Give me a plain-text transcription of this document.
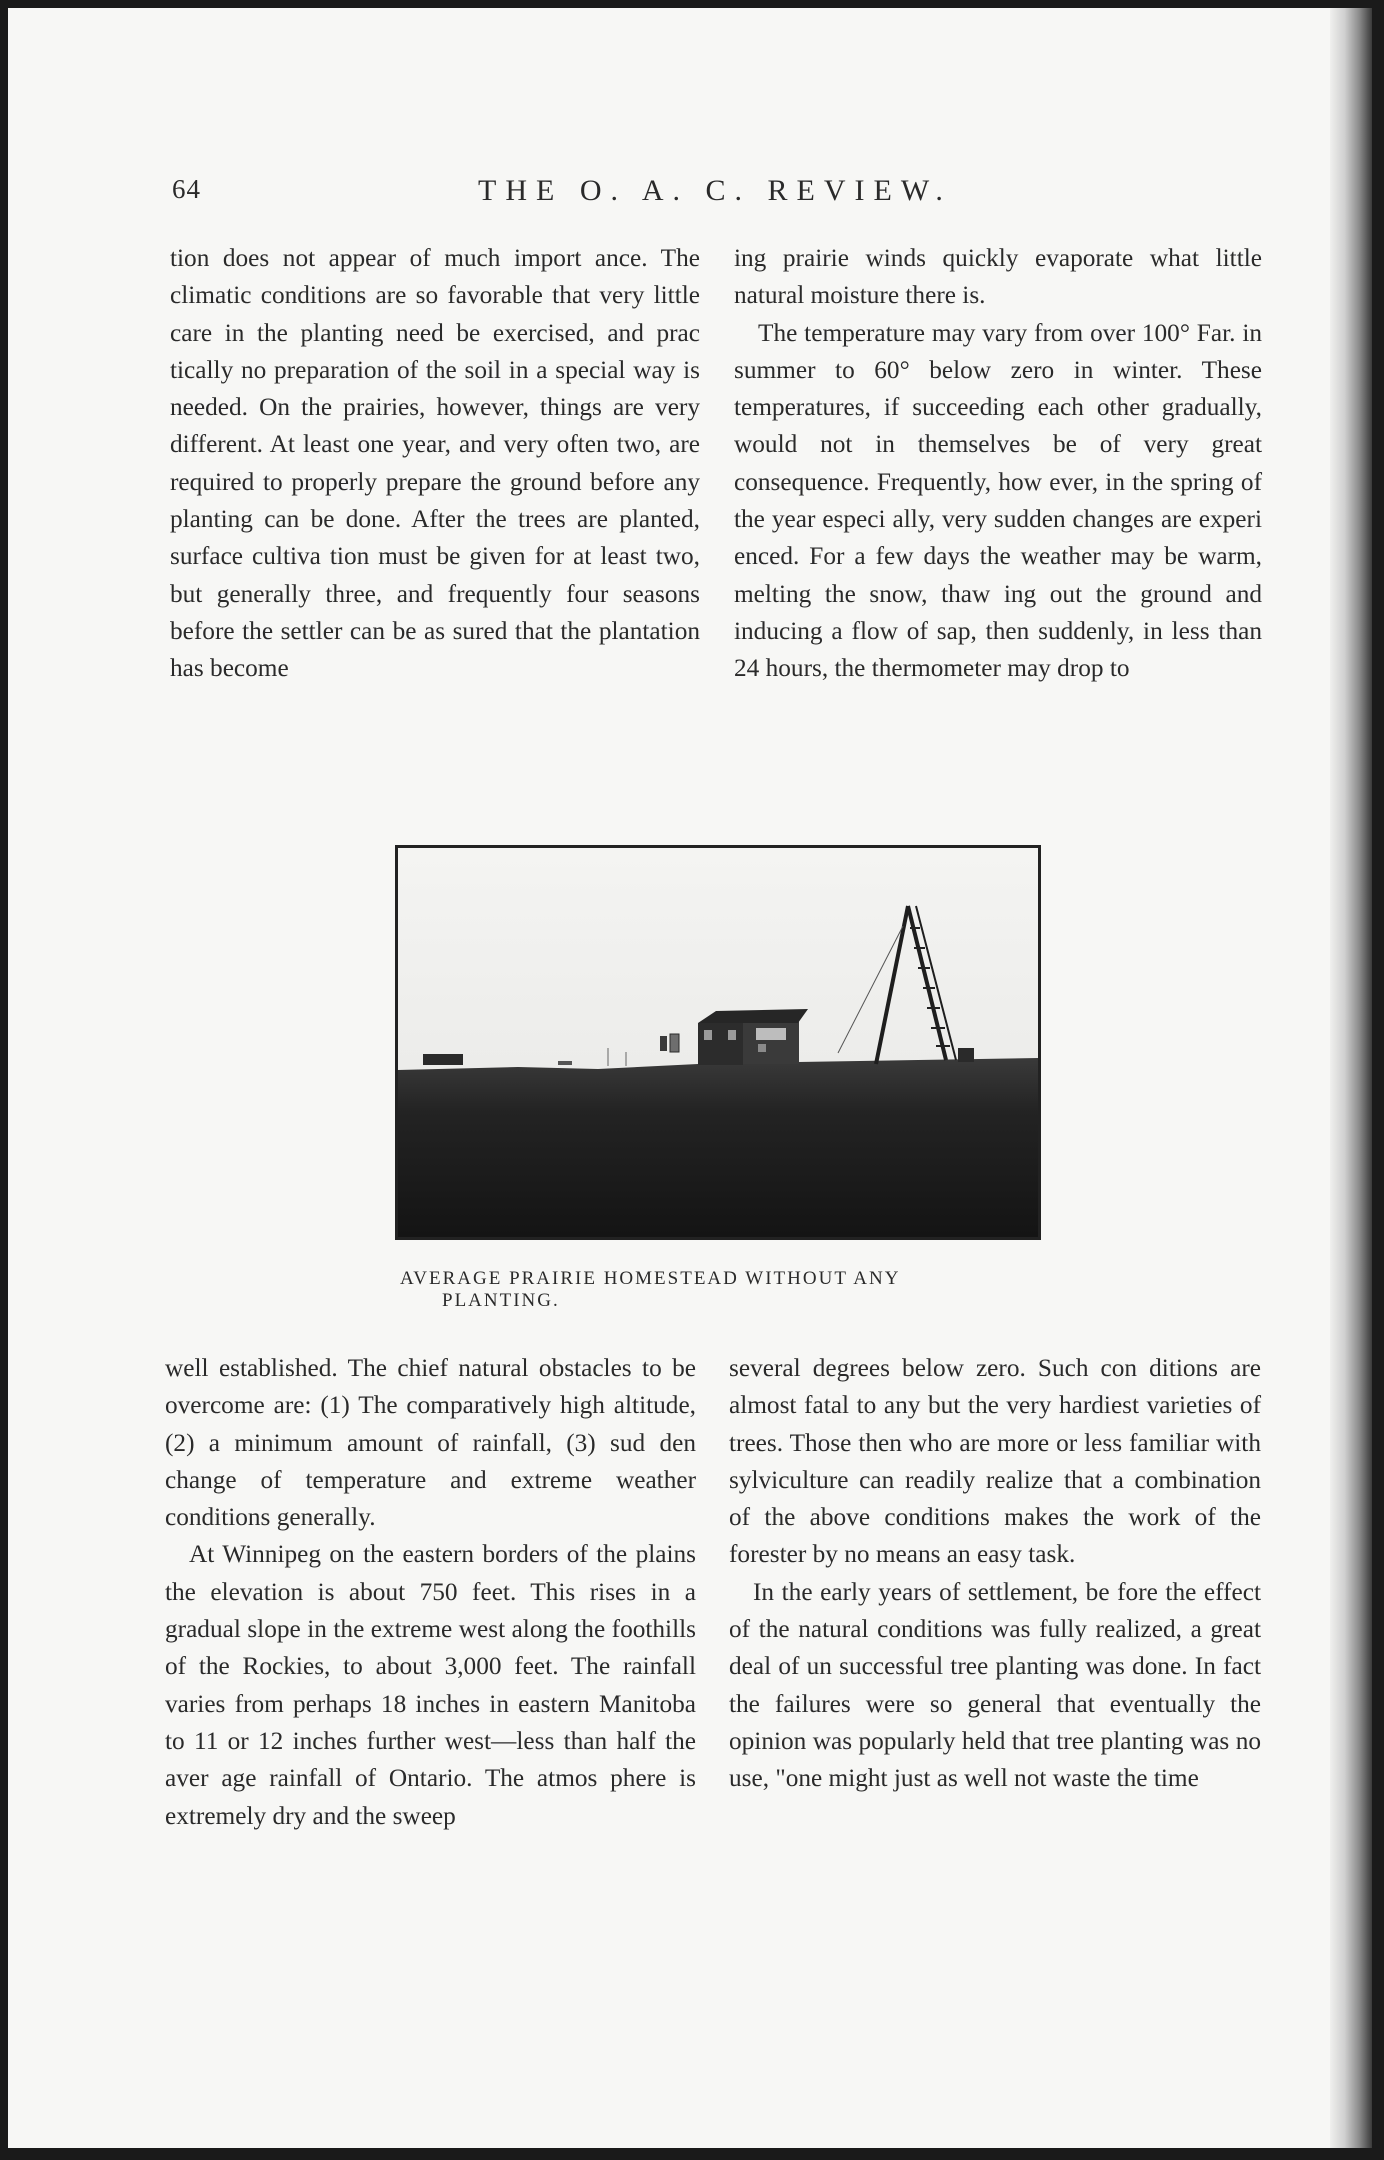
64	THE O. A. C. REVIEW.

tion does not appear of much import ance. The climatic conditions are so favorable that very little care in the planting need be exercised, and prac tically no preparation of the soil in a special way is needed. On the prairies, however, things are very different. At least one year, and very often two, are required to properly prepare the ground before any planting can be done. After the trees are planted, surface cultiva tion must be given for at least two, but generally three, and frequently four seasons before the settler can be as sured that the plantation has become

ing prairie winds quickly evaporate what little natural moisture there is.

The temperature may vary from over 100° Far. in summer to 60° below zero in winter. These temperatures, if succeeding each other gradually, would not in themselves be of very great consequence. Frequently, how ever, in the spring of the year especi ally, very sudden changes are experi enced. For a few days the weather may be warm, melting the snow, thaw ing out the ground and inducing a flow of sap, then suddenly, in less than 24 hours, the thermometer may drop to

AVERAGE PRAIRIE HOMESTEAD WITHOUT ANY
PLANTING.

well established. The chief natural obstacles to be overcome are: (1) The comparatively high altitude, (2) a minimum amount of rainfall, (3) sud den change of temperature and extreme weather conditions generally.

At Winnipeg on the eastern borders of the plains the elevation is about 750 feet. This rises in a gradual slope in the extreme west along the foothills of the Rockies, to about 3,000 feet. The rainfall varies from perhaps 18 inches in eastern Manitoba to 11 or 12 inches further west—less than half the aver age rainfall of Ontario. The atmos phere is extremely dry and the sweep

several degrees below zero. Such con ditions are almost fatal to any but the very hardiest varieties of trees. Those then who are more or less familiar with sylviculture can readily realize that a combination of the above conditions makes the work of the forester by no means an easy task.

In the early years of settlement, be fore the effect of the natural conditions was fully realized, a great deal of un successful tree planting was done. In fact the failures were so general that eventually the opinion was popularly held that tree planting was no use, "one might just as well not waste the time
